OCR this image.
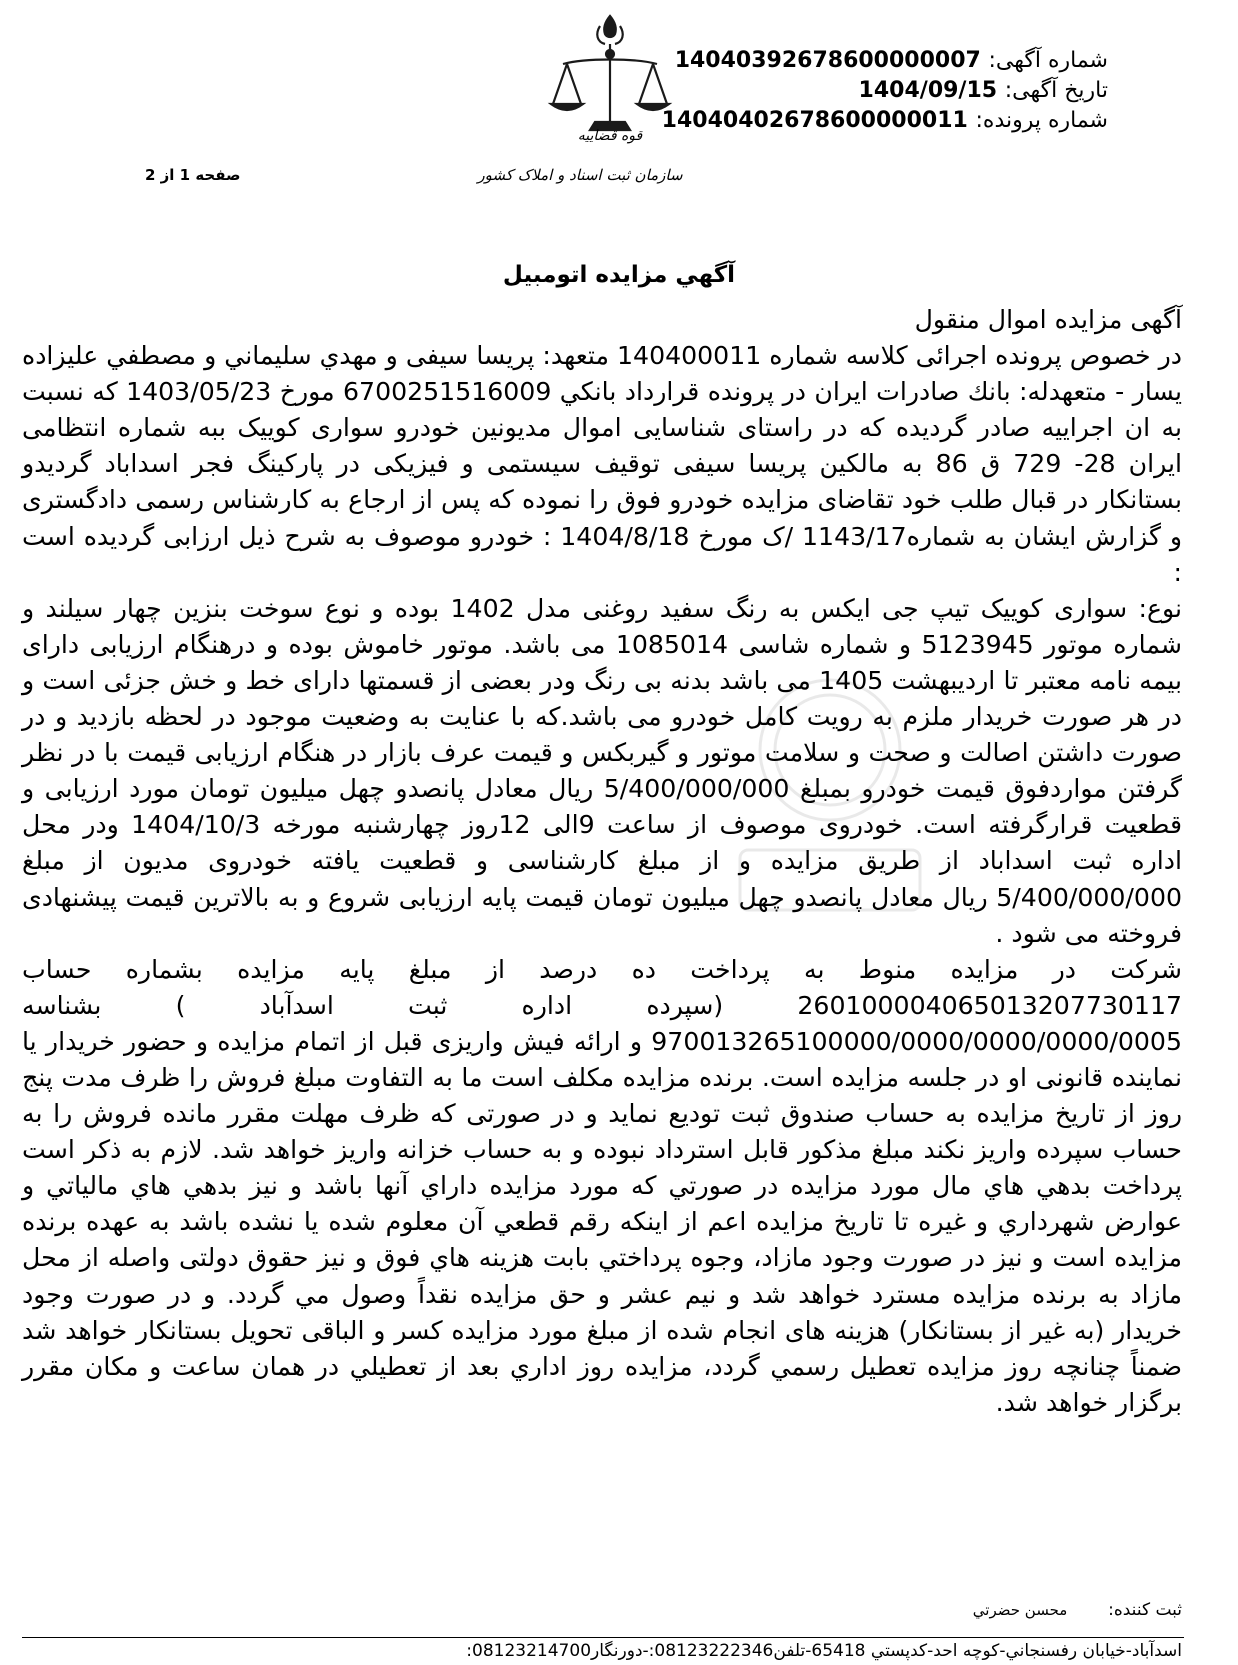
شماره آگهی: 14040392678600000007
تاریخ آگهی: 1404/09/15
شماره پرونده: 14040402678600000011
قوه قضاییه
سازمان ثبت اسناد و املاک کشور
صفحه 1 از 2
آگهي مزايده اتومبيل

آگهی مزایده اموال منقول

در خصوص پرونده اجرائی کلاسه شماره 140400011 متعهد: پریسا سیفی و مهدي سليماني و مصطفي عليزاده يسار - متعهدله: بانك صادرات ايران در پرونده قرارداد بانكي 6700251516009 مورخ 1403/05/23 که نسبت به ان اجراییه صادر گردیده که در راستای شناسایی اموال مدیونین خودرو سواری کوییک ببه شماره انتظامی ایران 28- 729 ق 86 به مالکین پریسا سیفی توقیف سیستمی و فیزیکی در پارکینگ فجر اسداباد گردیدو بستانکار در قبال طلب خود تقاضای مزایده خودرو فوق را نموده که پس از ارجاع به کارشناس رسمی دادگستری و گزارش ایشان به شماره1143/17 /ک مورخ 1404/8/18 : خودرو موصوف به شرح ذیل ارزابی گردیده است :

نوع: سواری کوییک تیپ جی ایکس به رنگ سفید روغنی مدل 1402 بوده و نوع سوخت بنزین چهار سیلند و شماره موتور 5123945 و شماره شاسی 1085014 می باشد. موتور خاموش بوده و درهنگام ارزیابی دارای بیمه نامه معتبر تا اردیبهشت 1405 می باشد بدنه بی رنگ ودر بعضی از قسمتها دارای خط و خش جزئی است و در هر صورت خریدار ملزم به رویت کامل خودرو می باشد.که با عنایت به وضعیت موجود در لحظه بازدید و در صورت داشتن اصالت و صحت و سلامت موتور و گیربکس و قیمت عرف بازار در هنگام ارزیابی قیمت با در نظر گرفتن مواردفوق قیمت خودرو بمبلغ 5/400/000/000 ریال معادل پانصدو چهل میلیون تومان مورد ارزیابی و قطعیت قرارگرفته است. خودروی موصوف از ساعت 9الی 12روز چهارشنبه مورخه 1404/10/3 ودر محل اداره ثبت اسداباد از طریق مزایده و از مبلغ کارشناسی و قطعیت یافته خودروی مدیون از مبلغ 5/400/000/000 ریال معادل پانصدو چهل میلیون تومان قیمت پایه ارزیابی شروع و به بالاترین قیمت پیشنهادی فروخته می شود .

شرکت در مزایده منوط به پرداخت ده درصد از مبلغ پایه مزایده بشماره حساب 260100004065013207730117 (سپرده اداره ثبت اسدآباد ) بشناسه 970013265100000/0000/0000/0000/0005 و ارائه فیش واریزی قبل از اتمام مزایده و حضور خریدار یا نماینده قانونی او در جلسه مزایده است. برنده مزایده مکلف است ما به التفاوت مبلغ فروش را ظرف مدت پنج روز از تاریخ مزایده به حساب صندوق ثبت تودیع نماید و در صورتی که ظرف مهلت مقرر مانده فروش را به حساب سپرده واریز نکند مبلغ مذکور قابل استرداد نبوده و به حساب خزانه واریز خواهد شد. لازم به ذكر است پرداخت بدهي هاي مال مورد مزايده در صورتي كه مورد مزايده داراي آنها باشد و نيز بدهي هاي مالياتي و عوارض شهرداري و غيره تا تاريخ مزايده اعم از اينكه رقم قطعي آن معلوم شده يا نشده باشد به عهده برنده مزايده است و نيز در صورت وجود مازاد، وجوه پرداختي بابت هزينه هاي فوق و نيز حقوق دولتی واصله از محل مازاد به برنده مزايده مسترد خواهد شد و نيم عشر و حق مزايده نقداً وصول مي گردد. و در صورت وجود خریدار (به غیر از بستانکار) هزینه های انجام شده از مبلغ مورد مزایده کسر و الباقی تحویل بستانکار خواهد شد ضمناً چنانچه روز مزايده تعطيل رسمي گردد، مزايده روز اداري بعد از تعطيلي در همان ساعت و مكان مقرر برگزار خواهد شد.

ثبت کننده:  محسن حضرتي
اسدآباد-خيابان رفسنجاني-كوچه احد-كدپستي 65418-تلفن08123222346:-دورنگار08123214700:
